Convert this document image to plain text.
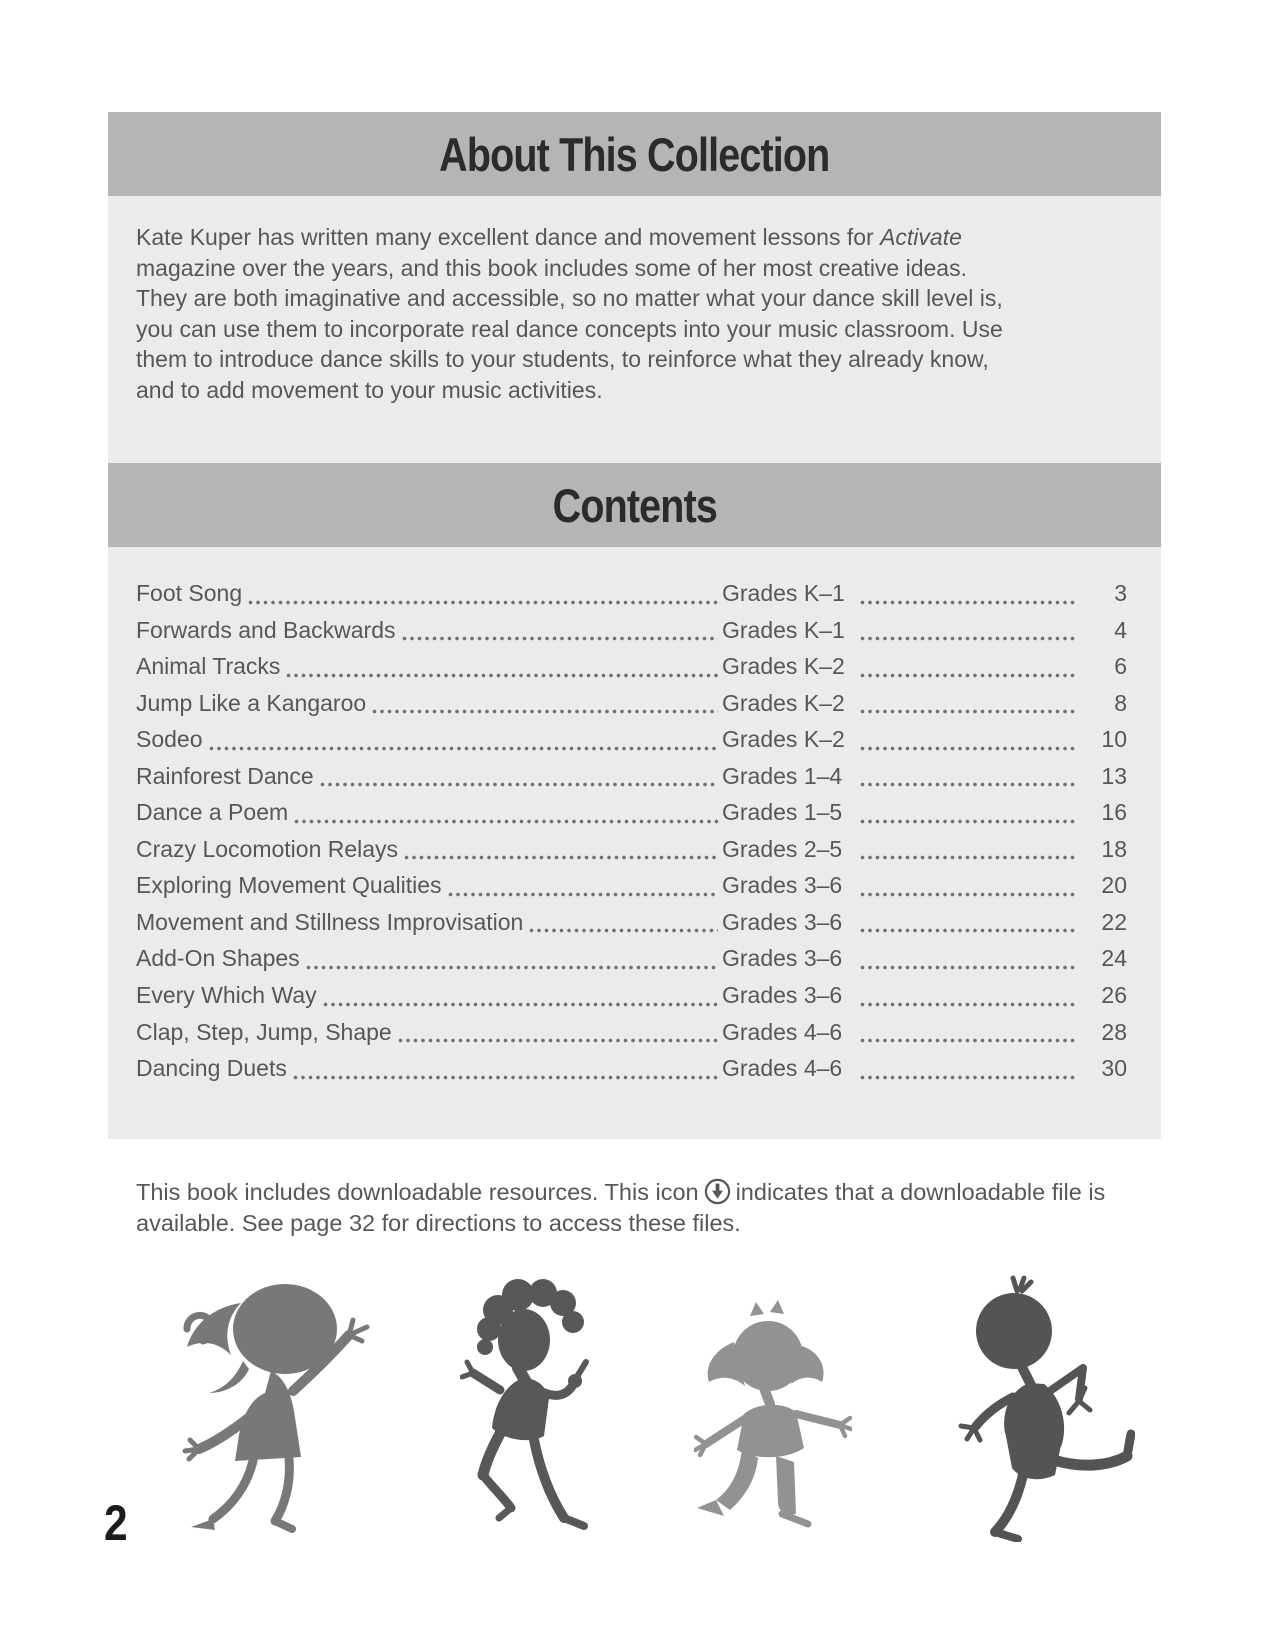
About This Collection
Kate Kuper has written many excellent dance and movement lessons for Activate
magazine over the years, and this book includes some of her most creative ideas.
They are both imaginative and accessible, so no matter what your dance skill level is,
you can use them to incorporate real dance concepts into your music classroom. Use
them to introduce dance skills to your students, to reinforce what they already know,
and to add movement to your music activities.
Contents
Foot Song	Grades K–1	3
Forwards and Backwards	Grades K–1	4
Animal Tracks	Grades K–2	6
Jump Like a Kangaroo	Grades K–2	8
Sodeo	Grades K–2	10
Rainforest Dance	Grades 1–4	13
Dance a Poem	Grades 1–5	16
Crazy Locomotion Relays	Grades 2–5	18
Exploring Movement Qualities	Grades 3–6	20
Movement and Stillness Improvisation	Grades 3–6	22
Add-On Shapes	Grades 3–6	24
Every Which Way	Grades 3–6	26
Clap, Step, Jump, Shape	Grades 4–6	28
Dancing Duets	Grades 4–6	30
This book includes downloadable resources. This icon indicates that a downloadable file is available. See page 32 for directions to access these files.
2
